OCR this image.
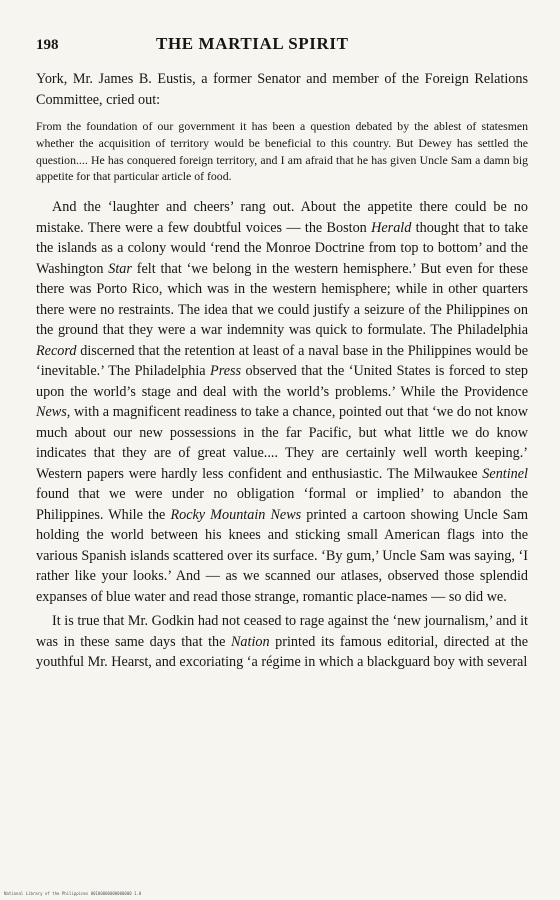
198	THE MARTIAL SPIRIT

York, Mr. James B. Eustis, a former Senator and member of the Foreign Relations Committee, cried out:

From the foundation of our government it has been a question debated by the ablest of statesmen whether the acquisition of territory would be beneficial to this country. But Dewey has settled the question.... He has conquered foreign territory, and I am afraid that he has given Uncle Sam a damn big appetite for that particular article of food.

And the ‘laughter and cheers’ rang out. About the appetite there could be no mistake. There were a few doubtful voices — the Boston Herald thought that to take the islands as a colony would ‘rend the Monroe Doctrine from top to bottom’ and the Washington Star felt that ‘we belong in the western hemisphere.’ But even for these there was Porto Rico, which was in the western hemisphere; while in other quarters there were no restraints. The idea that we could justify a seizure of the Philippines on the ground that they were a war indemnity was quick to formulate. The Philadelphia Record discerned that the retention at least of a naval base in the Philippines would be ‘inevitable.’ The Philadelphia Press observed that the ‘United States is forced to step upon the world’s stage and deal with the world’s problems.’ While the Providence News, with a magnificent readiness to take a chance, pointed out that ‘we do not know much about our new possessions in the far Pacific, but what little we do know indicates that they are of great value.... They are certainly well worth keeping.’ Western papers were hardly less confident and enthusiastic. The Milwaukee Sentinel found that we were under no obligation ‘formal or implied’ to abandon the Philippines. While the Rocky Mountain News printed a cartoon showing Uncle Sam holding the world between his knees and sticking small American flags into the various Spanish islands scattered over its surface. ‘By gum,’ Uncle Sam was saying, ‘I rather like your looks.’ And — as we scanned our atlases, observed those splendid expanses of blue water and read those strange, romantic place-names — so did we.

It is true that Mr. Godkin had not ceased to rage against the ‘new journalism,’ and it was in these same days that the Nation printed its famous editorial, directed at the youthful Mr. Hearst, and excoriating ‘a régime in which a blackguard boy with several

National Library of the Philippines 00100000000000000 1.0
